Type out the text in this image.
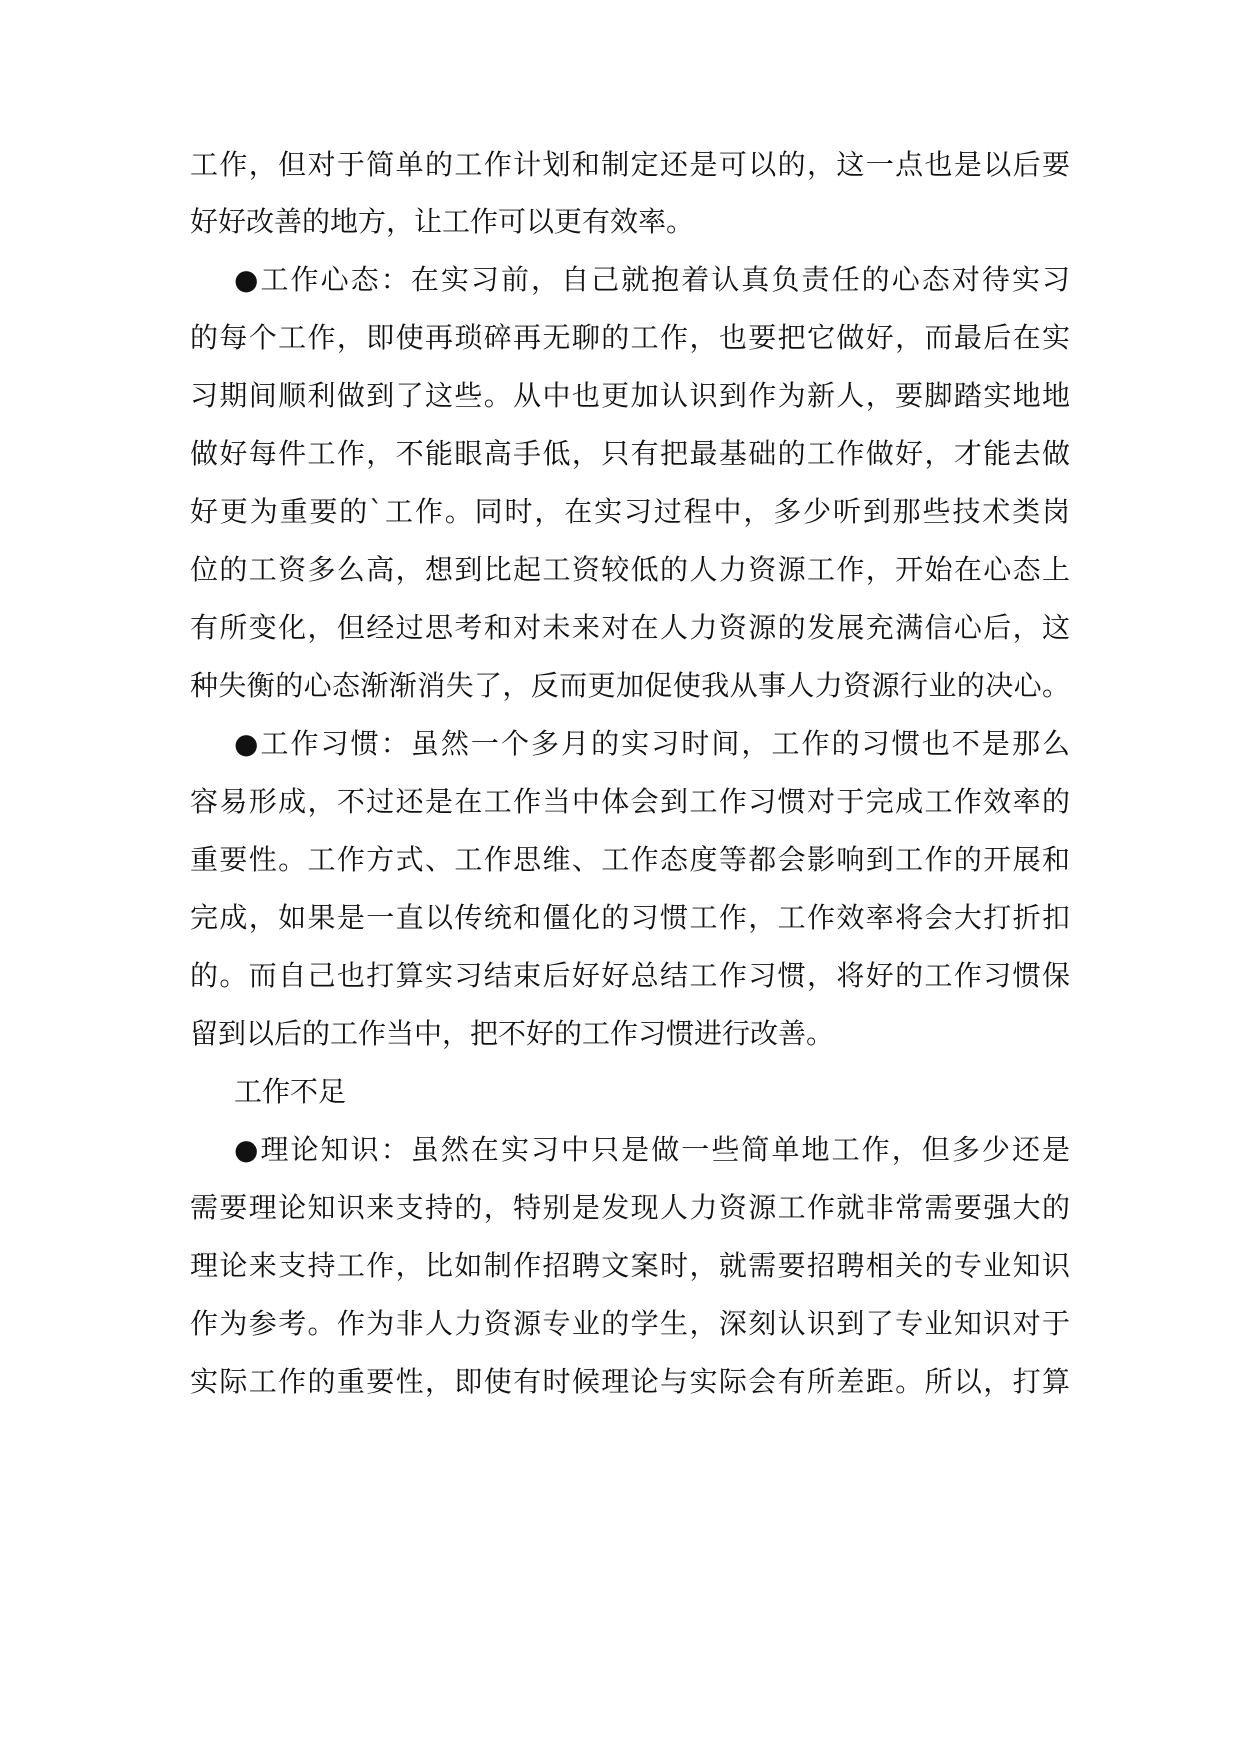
工作，但对于简单的工作计划和制定还是可以的，这一点也是以后要
好好改善的地方，让工作可以更有效率。
●工作心态：在实习前，自己就抱着认真负责任的心态对待实习
的每个工作，即使再琐碎再无聊的工作，也要把它做好，而最后在实
习期间顺利做到了这些。从中也更加认识到作为新人，要脚踏实地地
做好每件工作，不能眼高手低，只有把最基础的工作做好，才能去做
好更为重要的`工作。同时，在实习过程中，多少听到那些技术类岗
位的工资多么高，想到比起工资较低的人力资源工作，开始在心态上
有所变化，但经过思考和对未来对在人力资源的发展充满信心后，这
种失衡的心态渐渐消失了，反而更加促使我从事人力资源行业的决心。
●工作习惯：虽然一个多月的实习时间，工作的习惯也不是那么
容易形成，不过还是在工作当中体会到工作习惯对于完成工作效率的
重要性。工作方式、工作思维、工作态度等都会影响到工作的开展和
完成，如果是一直以传统和僵化的习惯工作，工作效率将会大打折扣
的。而自己也打算实习结束后好好总结工作习惯，将好的工作习惯保
留到以后的工作当中，把不好的工作习惯进行改善。
工作不足
●理论知识：虽然在实习中只是做一些简单地工作，但多少还是
需要理论知识来支持的，特别是发现人力资源工作就非常需要强大的
理论来支持工作，比如制作招聘文案时，就需要招聘相关的专业知识
作为参考。作为非人力资源专业的学生，深刻认识到了专业知识对于
实际工作的重要性，即使有时候理论与实际会有所差距。所以，打算
